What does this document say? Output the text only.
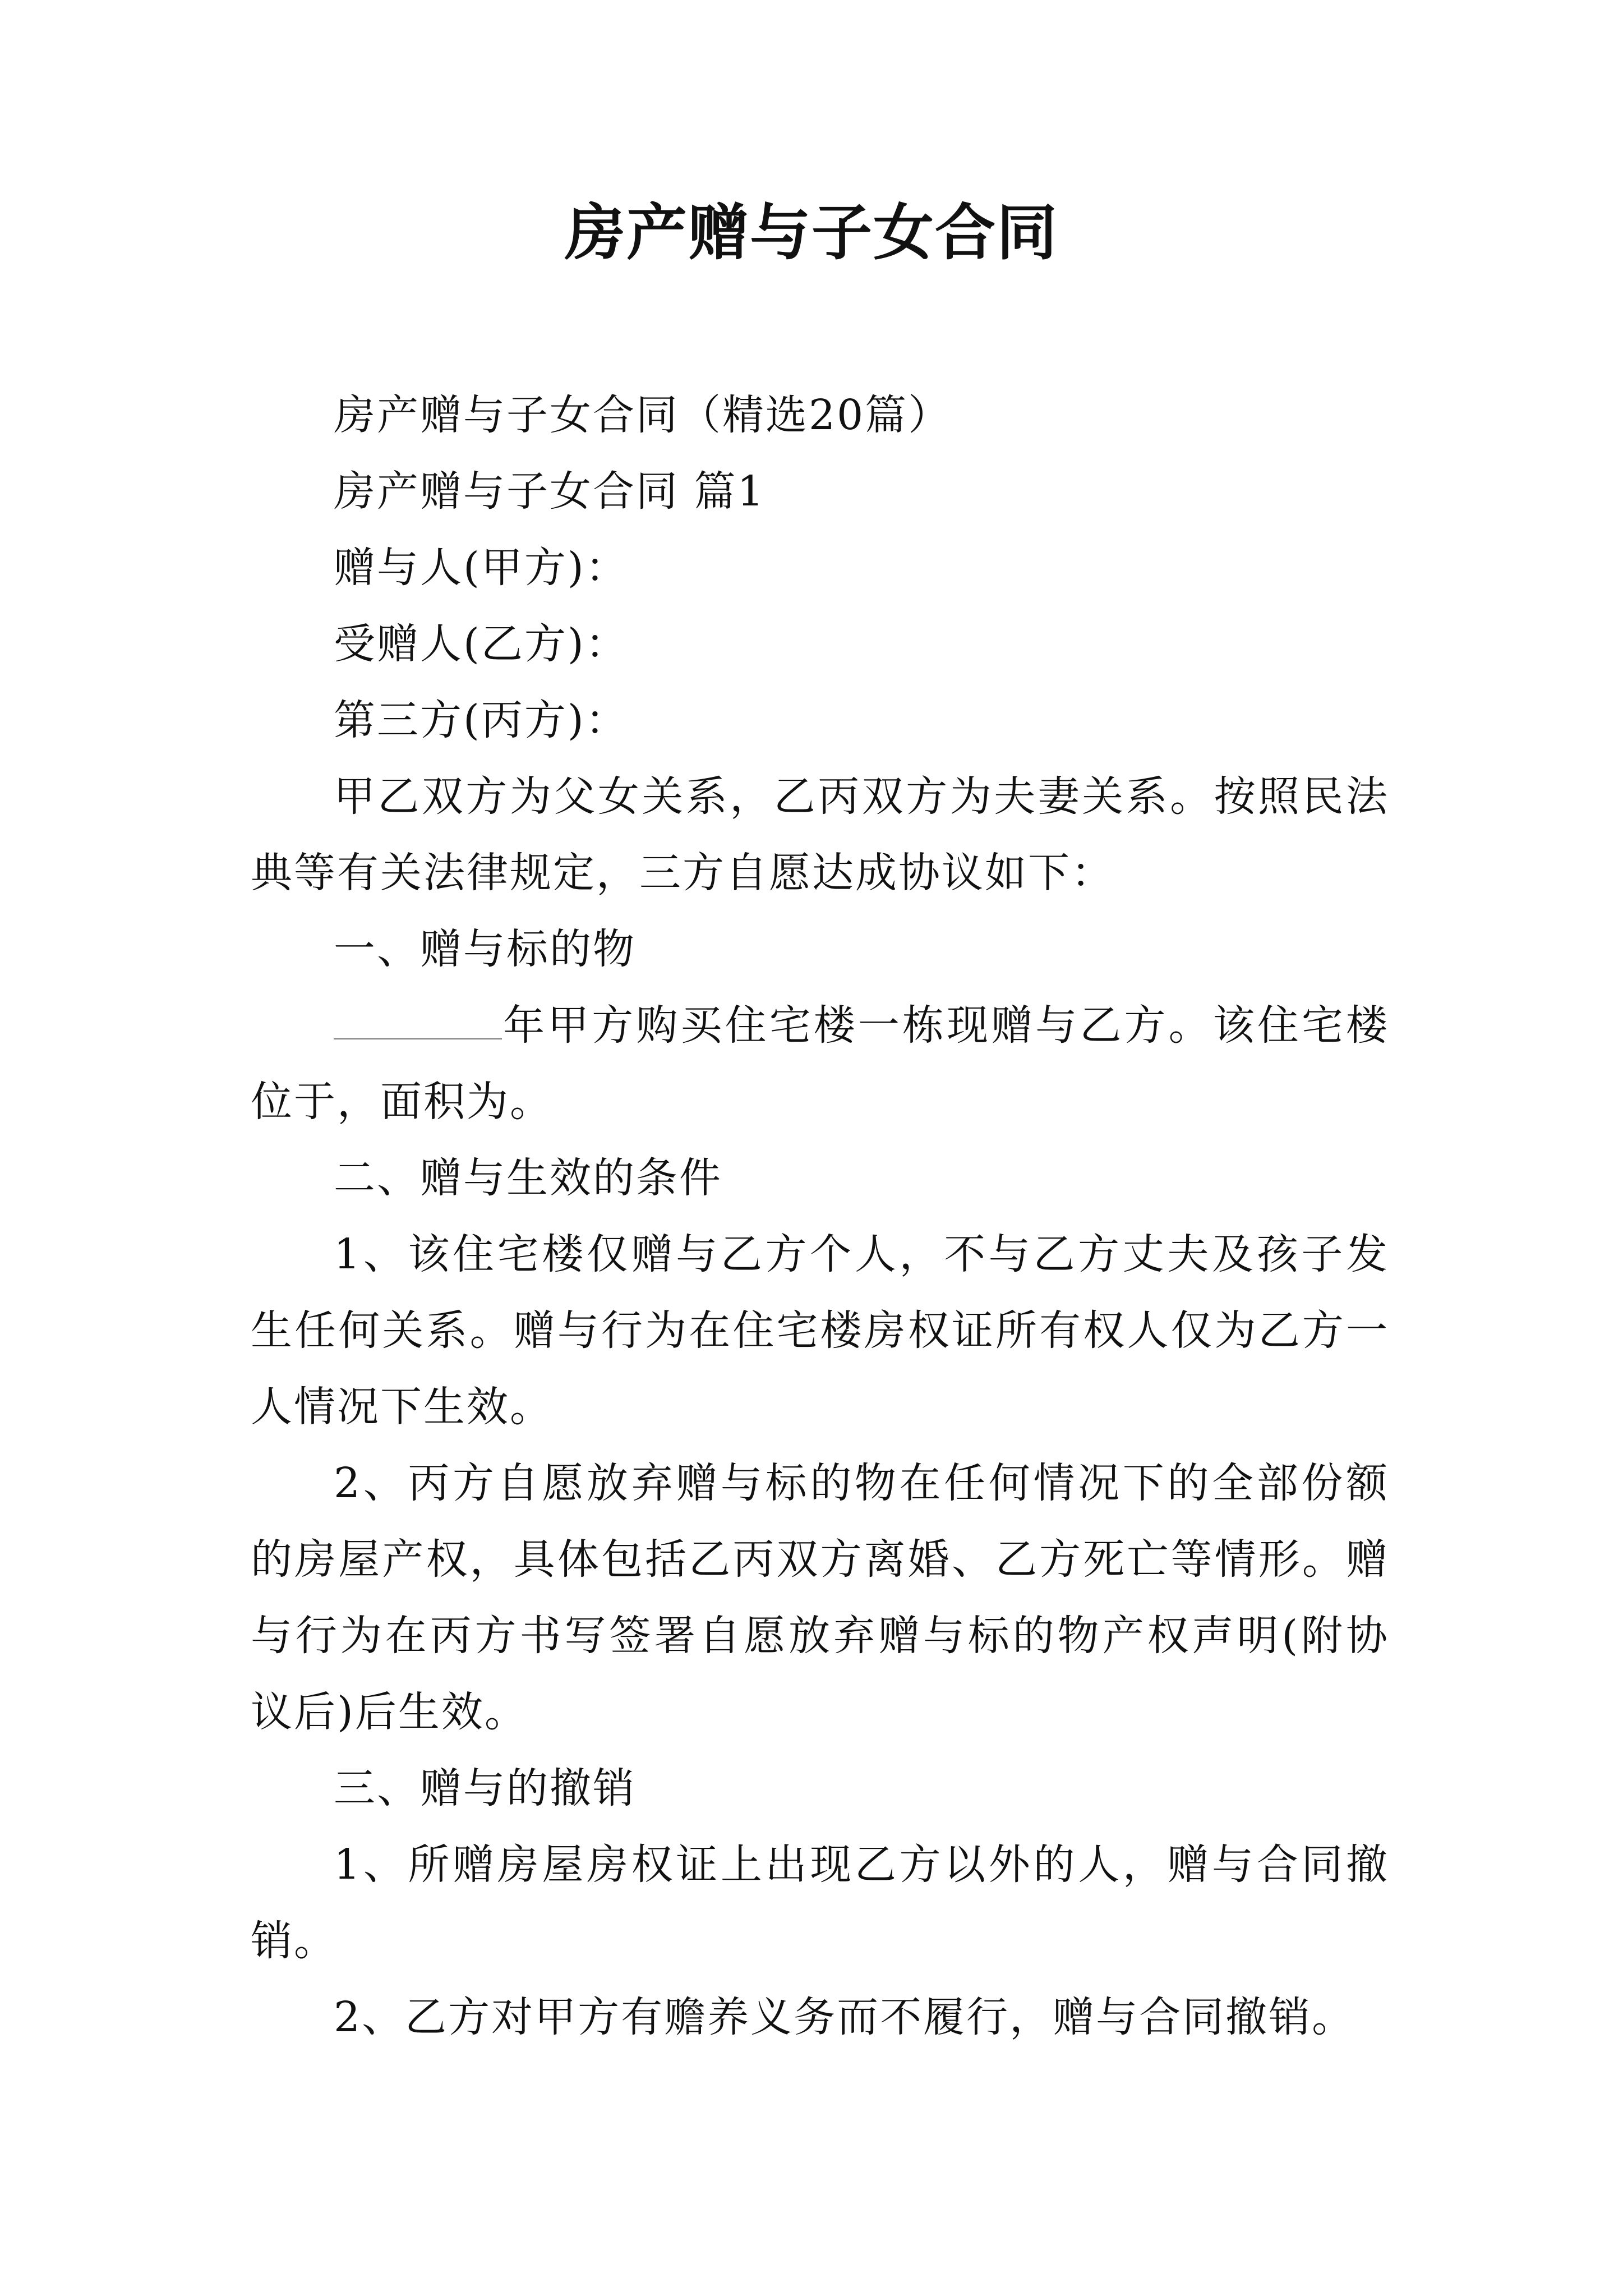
房产赠与子女合同

房产赠与子女合同（精选20篇）

房产赠与子女合同 篇1

赠与人(甲方)：

受赠人(乙方)：

第三方(丙方)：

甲乙双方为父女关系，乙丙双方为夫妻关系。按照民法典等有关法律规定，三方自愿达成协议如下：

一、赠与标的物

年甲方购买住宅楼一栋现赠与乙方。该住宅楼位于，面积为。

二、赠与生效的条件

1、该住宅楼仅赠与乙方个人，不与乙方丈夫及孩子发生任何关系。赠与行为在住宅楼房权证所有权人仅为乙方一人情况下生效。

2、丙方自愿放弃赠与标的物在任何情况下的全部份额的房屋产权，具体包括乙丙双方离婚、乙方死亡等情形。赠与行为在丙方书写签署自愿放弃赠与标的物产权声明(附协议后)后生效。

三、赠与的撤销

1、所赠房屋房权证上出现乙方以外的人，赠与合同撤销。

2、乙方对甲方有赡养义务而不履行，赠与合同撤销。
